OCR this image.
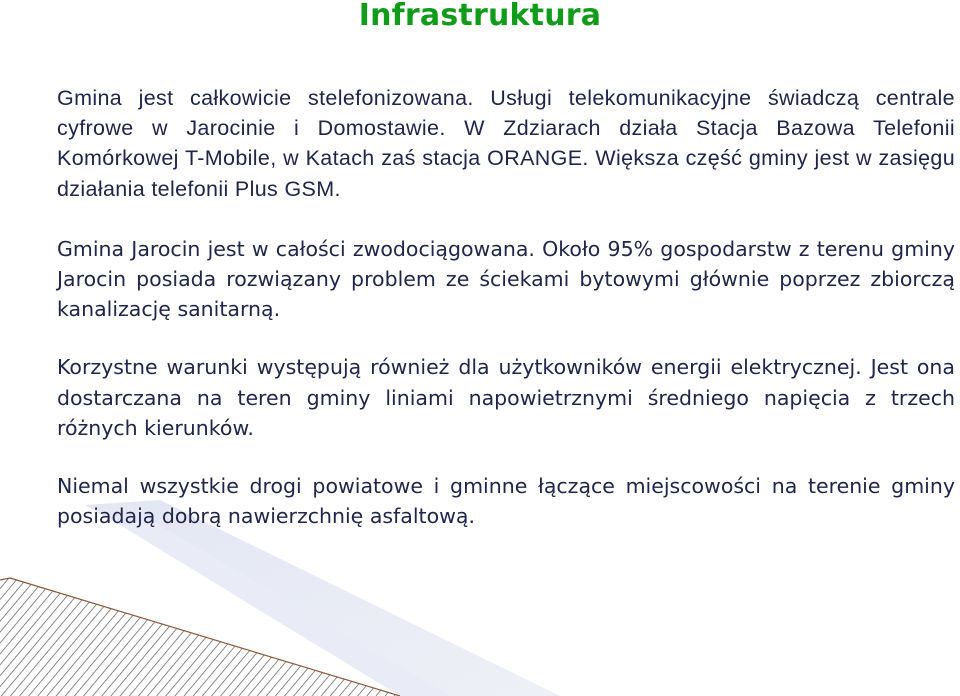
Infrastruktura

Gmina jest całkowicie stelefonizowana. Usługi telekomunikacyjne świadczą centrale cyfrowe w Jarocinie i Domostawie. W Zdziarach działa Stacja Bazowa Telefonii Komórkowej T-Mobile, w Katach zaś stacja ORANGE. Większa część gminy jest w zasięgu działania telefonii Plus GSM.

Gmina Jarocin jest w całości zwodociągowana. Około 95% gospodarstw z terenu gminy Jarocin posiada rozwiązany problem ze ściekami bytowymi głównie poprzez zbiorczą kanalizację sanitarną.

Korzystne warunki występują również dla użytkowników energii elektrycznej. Jest ona dostarczana na teren gminy liniami napowietrznymi średniego napięcia z trzech różnych kierunków.

Niemal wszystkie drogi powiatowe i gminne łączące miejscowości na terenie gminy posiadają dobrą nawierzchnię asfaltową.
